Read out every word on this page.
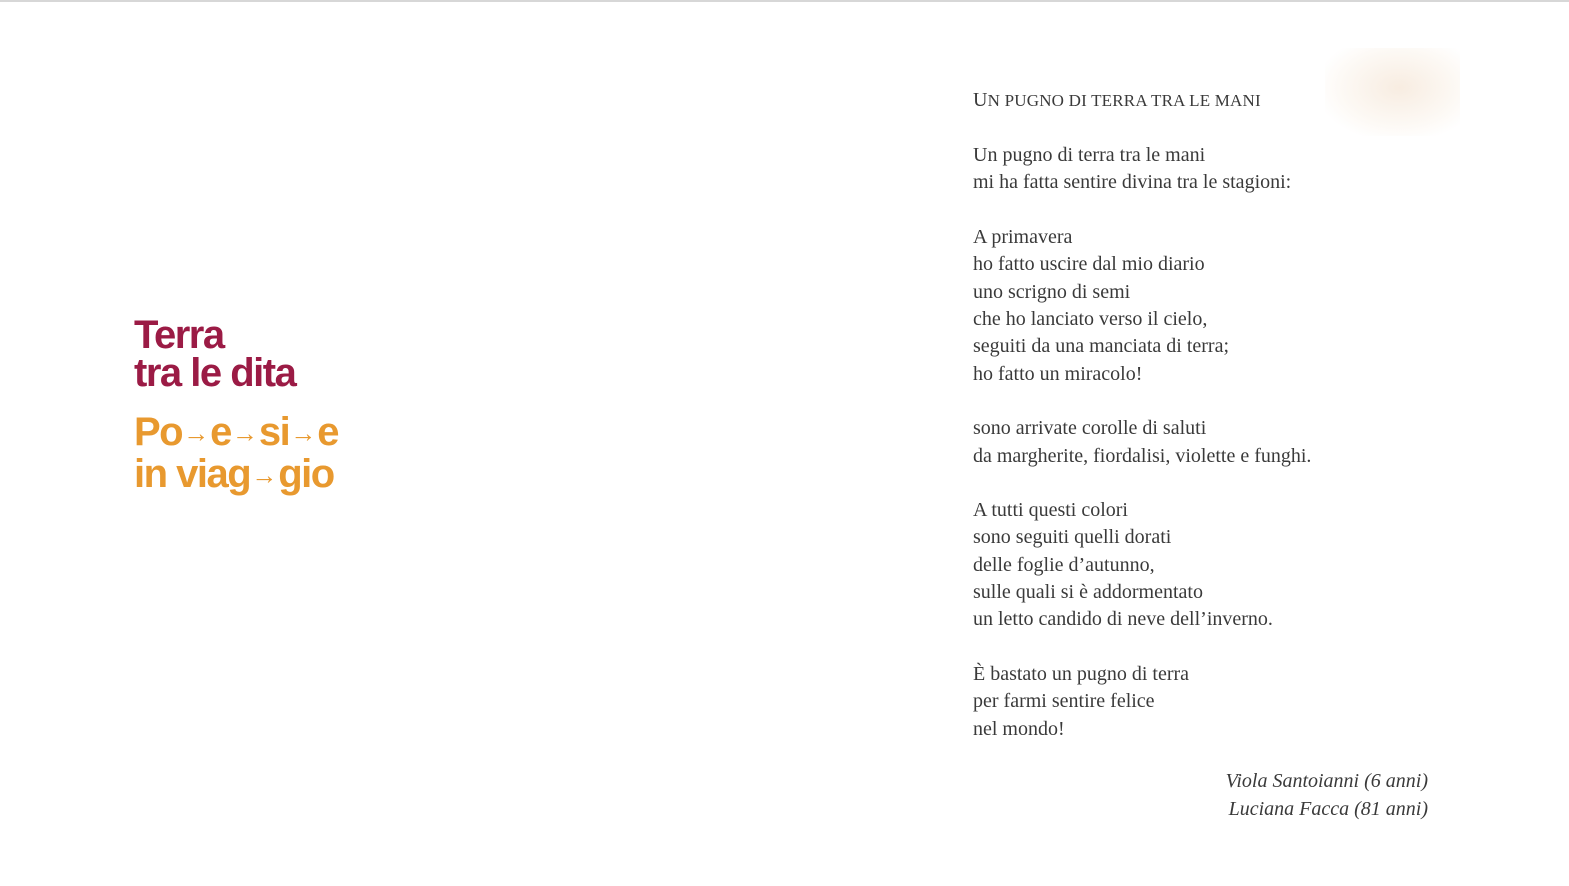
Terra
tra le dita
Po→e→si→e
in viag→gio
UN PUGNO DI TERRA TRA LE MANI
Un pugno di terra tra le mani
mi ha fatta sentire divina tra le stagioni:
A primavera
ho fatto uscire dal mio diario
uno scrigno di semi
che ho lanciato verso il cielo,
seguiti da una manciata di terra;
ho fatto un miracolo!
sono arrivate corolle di saluti
da margherite, fiordalisi, violette e funghi.
A tutti questi colori
sono seguiti quelli dorati
delle foglie d’autunno,
sulle quali si è addormentato
un letto candido di neve dell’inverno.
È bastato un pugno di terra
per farmi sentire felice
nel mondo!
Viola Santoianni (6 anni)
Luciana Facca (81 anni)
